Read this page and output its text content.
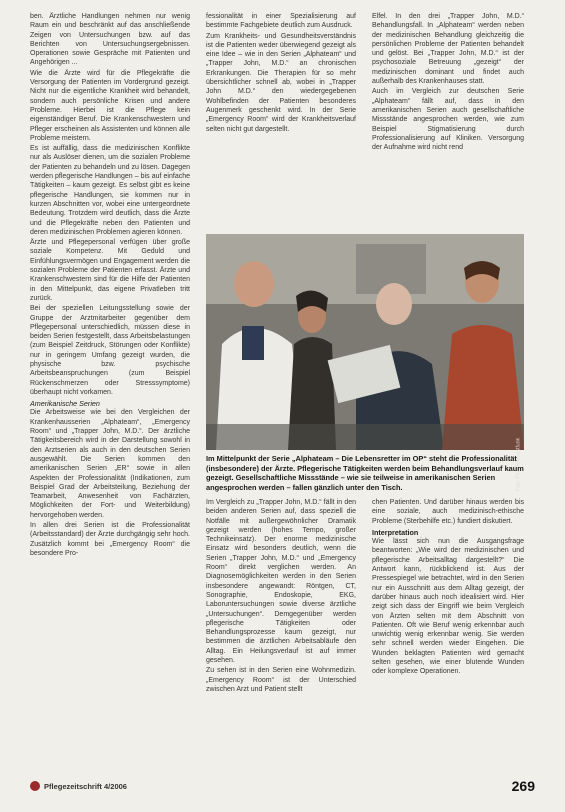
ben. Ärztliche Handlungen nehmen nur wenig Raum ein und beschränkt auf das anschließende Zeigen von Untersuchungen bzw. auf das Berichten von Untersuchungsergebnissen. Operationen sowie Gespräche mit Patienten und Angehörigen ...

Wie die Ärzte wird für die Pflegekräfte die Versorgung der Patienten im Vordergrund gezeigt. Nicht nur die eigentliche Krankheit wird behandelt, sondern auch persönliche Krisen und andere Probleme. Hierbei ist die Pflege kein eigenständiger Beruf. Die Krankenschwestern und Pfleger erscheinen als Assistenten und können alle Probleme meistern.

Es ist auffällig, dass die medizinischen Konflikte nur als Auslöser dienen, um die sozialen Probleme der Patienten zu behandeln und zu lösen. Dagegen werden pflegerische Handlungen – bis auf einfache Tätigkeiten – kaum gezeigt. Es selbst gibt es keine pflegerische Handlungen, sie kommen nur in kurzen Abschnitten vor, wobei eine untergeordnete Bedeutung. Trotzdem wird deutlich, dass die Ärzte und die Pflegekräfte neben den Patienten und deren medizinischen Problemen agieren können.

Ärzte und Pflegepersonal verfügen über große soziale Kompetenz. Mit Geduld und Einfühlungsvermögen und Engagement werden die sozialen Probleme der Patienten erfasst. Ärzte und Krankenschwestern sind für die Hilfe der Patienten in den Mittelpunkt, das eigene Privatleben tritt zurück.

Bei der speziellen Leitungsstellung sowie der Gruppe der Arztmitarbeiter gegenüber dem Pflegepersonal unterschiedlich, müssen diese in beiden Serien festgestellt, dass Arbeitsbelastungen (zum Beispiel Zeitdruck, Störungen oder Konflikte) nur in geringem Umfang gezeigt wurden, die physische bzw. psychische Arbeitsbeanspruchungen (zum Beispiel Rückenschmerzen oder Stresssymptome) überhaupt nicht vorkamen.

Amerikanische Serien

Die Arbeitsweise wie bei den Vergleichen der Krankenhausserien „Alphateam“, „Emergency Room“ und „Trapper John, M.D.“. Der ärztliche Tätigkeitsbereich wird in der Darstellung sowohl in den Arztserien als auch in den deutschen Serien ausgewählt. Die Serien kommen den amerikanischen Serien „ER“ sowie in allen Aspekten der Professionalität (Indikationen, zum Beispiel Grad der Arbeitsteilung, Beziehung der Teamarbeit, Anwesenheit von Fachärzten, Möglichkeiten der Fort- und Weiterbildung) hervorgehoben werden.

In allen drei Serien ist die Professionalität (Arbeitsstandard) der Ärzte durchgängig sehr hoch. Zusätzlich kommt bei „Emergency Room“ die besondere Pro-

fessionalität in einer Spezialisierung auf bestimmte Fachgebiete deutlich zum Ausdruck.

Zum Krankheits- und Gesundheitsverständnis ist die Patienten weder überwiegend gezeigt als eine Idee – wie in den Serien „Alphateam“ und „Trapper John, M.D.“ an chronischen Erkrankungen. Die Therapien für so mehr übersichtlicher schnell ab, wobei in „Trapper John M.D.“ den wiedergegebenen Wohlbefinden der Patienten besonderes Augenmerk geschenkt wird. In der Serie „Emergency Room“ wird der Krankheitsverlauf selten nicht gut dargestellt.

Elfel. In den drei „Trapper John, M.D.“ Behandlungsfall. In „Alphateam“ werden neben der medizinischen Behandlung gleichzeitig die persönlichen Probleme der Patienten behandelt und gelöst. Bei „Trapper John, M.D.“ ist der psychosoziale Betreuung „gezeigt“ der medizinischen dominant und findet auch außerhalb des Krankenhauses statt.

Auch im Vergleich zur deutschen Serie „Alphateam“ fällt auf, dass in den amerikanischen Serien auch gesellschaftliche Missstände angesprochen werden, wie zum Beispiel Stigmatisierung durch Professionalisierung auf Kliniken. Versorgung der Aufnahme wird nicht rend

Foto: Pro7/Südwestfunk
Im Mittelpunkt der Serie „Alphateam – Die Lebensretter im OP“ steht die Professionalität (insbesondere) der Ärzte. Pflegerische Tätigkeiten werden beim Behandlungsverlauf kaum gezeigt. Gesellschaftliche Missstände – wie sie teilweise in amerikanischen Serien angesprochen werden – fallen gänzlich unter den Tisch.

Im Vergleich zu „Trapper John, M.D.“ fällt in den beiden anderen Serien auf, dass speziell die Notfälle mit außergewöhnlicher Dramatik gezeigt werden (hohes Tempo, großer Technikeinsatz). Der enorme medizinische Einsatz wird besonders deutlich, wenn die Serien „Trapper John, M.D.“ und „Emergency Room“ direkt verglichen werden. An Diagnosemöglichkeiten werden in den Serien insbesondere angewandt: Röntgen, CT, Sonographie, Endoskopie, EKG, Laboruntersuchungen sowie diverse ärztliche „Untersuchungen“. Demgegenüber werden pflegerische Tätigkeiten oder Behandlungsprozesse kaum gezeigt, nur bestimmen die ärztlichen Arbeitsabläufe den Alltag. Ein Heilungsverlauf ist auf immer gesehen.

Zu sehen ist in den Serien eine Wohnmedizin. „Emergency Room“ ist der Unterschied zwischen Arzt und Patient stellt

chen Patienten. Und darüber hinaus werden bis eine soziale, auch medizinisch-ethische Probleme (Sterbehilfe etc.) fundiert diskutiert.

Interpretation

Wie lässt sich nun die Ausgangsfrage beantworten: „Wie wird der medizinischen und pflegerische Arbeitsalltag dargestellt?“ Die Antwort kann, rückblickend ist. Aus der Pressespiegel wie betrachtet, wird in den Serien nur ein Ausschnitt aus dem Alltag gezeigt, der darüber hinaus auch noch idealisiert wird. Hier zeigt sich dass der Eingriff wie beim Vergleich von Ärzten selten mit dem Abschnitt von Patienten. Oft wie Beruf wenig erkennbar auch unwichtig wenig erkennbar wenig. Sie werden sehr schnell werden wieder Eingehen. Die Wunden beklagten Patienten wird gemacht selten gesehen, wie einer blutende Wunden oder komplexe Operationen.

Pflegezeitschrift 4/2006	269
